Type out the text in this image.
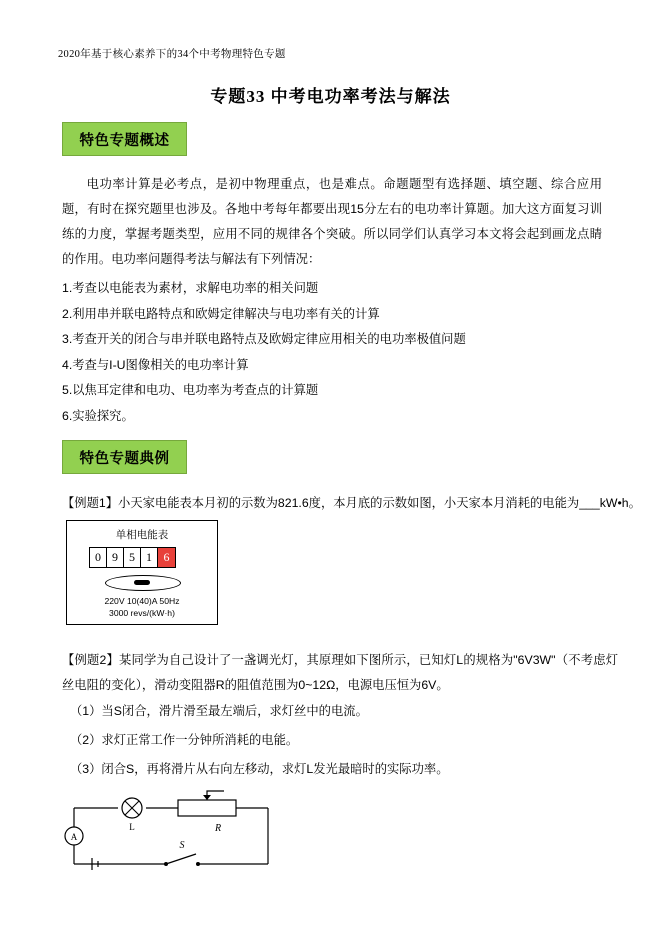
2020年基于核心素养下的34个中考物理特色专题
专题33 中考电功率考法与解法
特色专题概述
电功率计算是必考点，是初中物理重点，也是难点。命题题型有选择题、填空题、综合应用题，有时在探究题里也涉及。各地中考每年都要出现15分左右的电功率计算题。加大这方面复习训练的力度，掌握考题类型，应用不同的规律各个突破。所以同学们认真学习本文将会起到画龙点睛的作用。电功率问题得考法与解法有下列情况：
1.考查以电能表为素材，求解电功率的相关问题
2.利用串并联电路特点和欧姆定律解决与电功率有关的计算
3.考查开关的闭合与串并联电路特点及欧姆定律应用相关的电功率极值问题
4.考查与I-U图像相关的电功率计算
5.以焦耳定律和电功、电功率为考查点的计算题
6.实验探究。
特色专题典例
【例题1】小天家电能表本月初的示数为821.6度，本月底的示数如图，小天家本月消耗的电能为___kW•h。
单相电能表
0 9 5 1 6
220V 10(40)A 50Hz
3000 revs/(kW·h)
【例题2】某同学为自己设计了一盏调光灯，其原理如下图所示，已知灯L的规格为"6V3W"（不考虑灯丝电阻的变化），滑动变阻器R的阻值范围为0~12Ω，电源电压恒为6V。
（1）当S闭合，滑片滑至最左端后，求灯丝中的电流。
（2）求灯正常工作一分钟所消耗的电能。
（3）闭合S，再将滑片从右向左移动，求灯L发光最暗时的实际功率。
A
L	R
S
